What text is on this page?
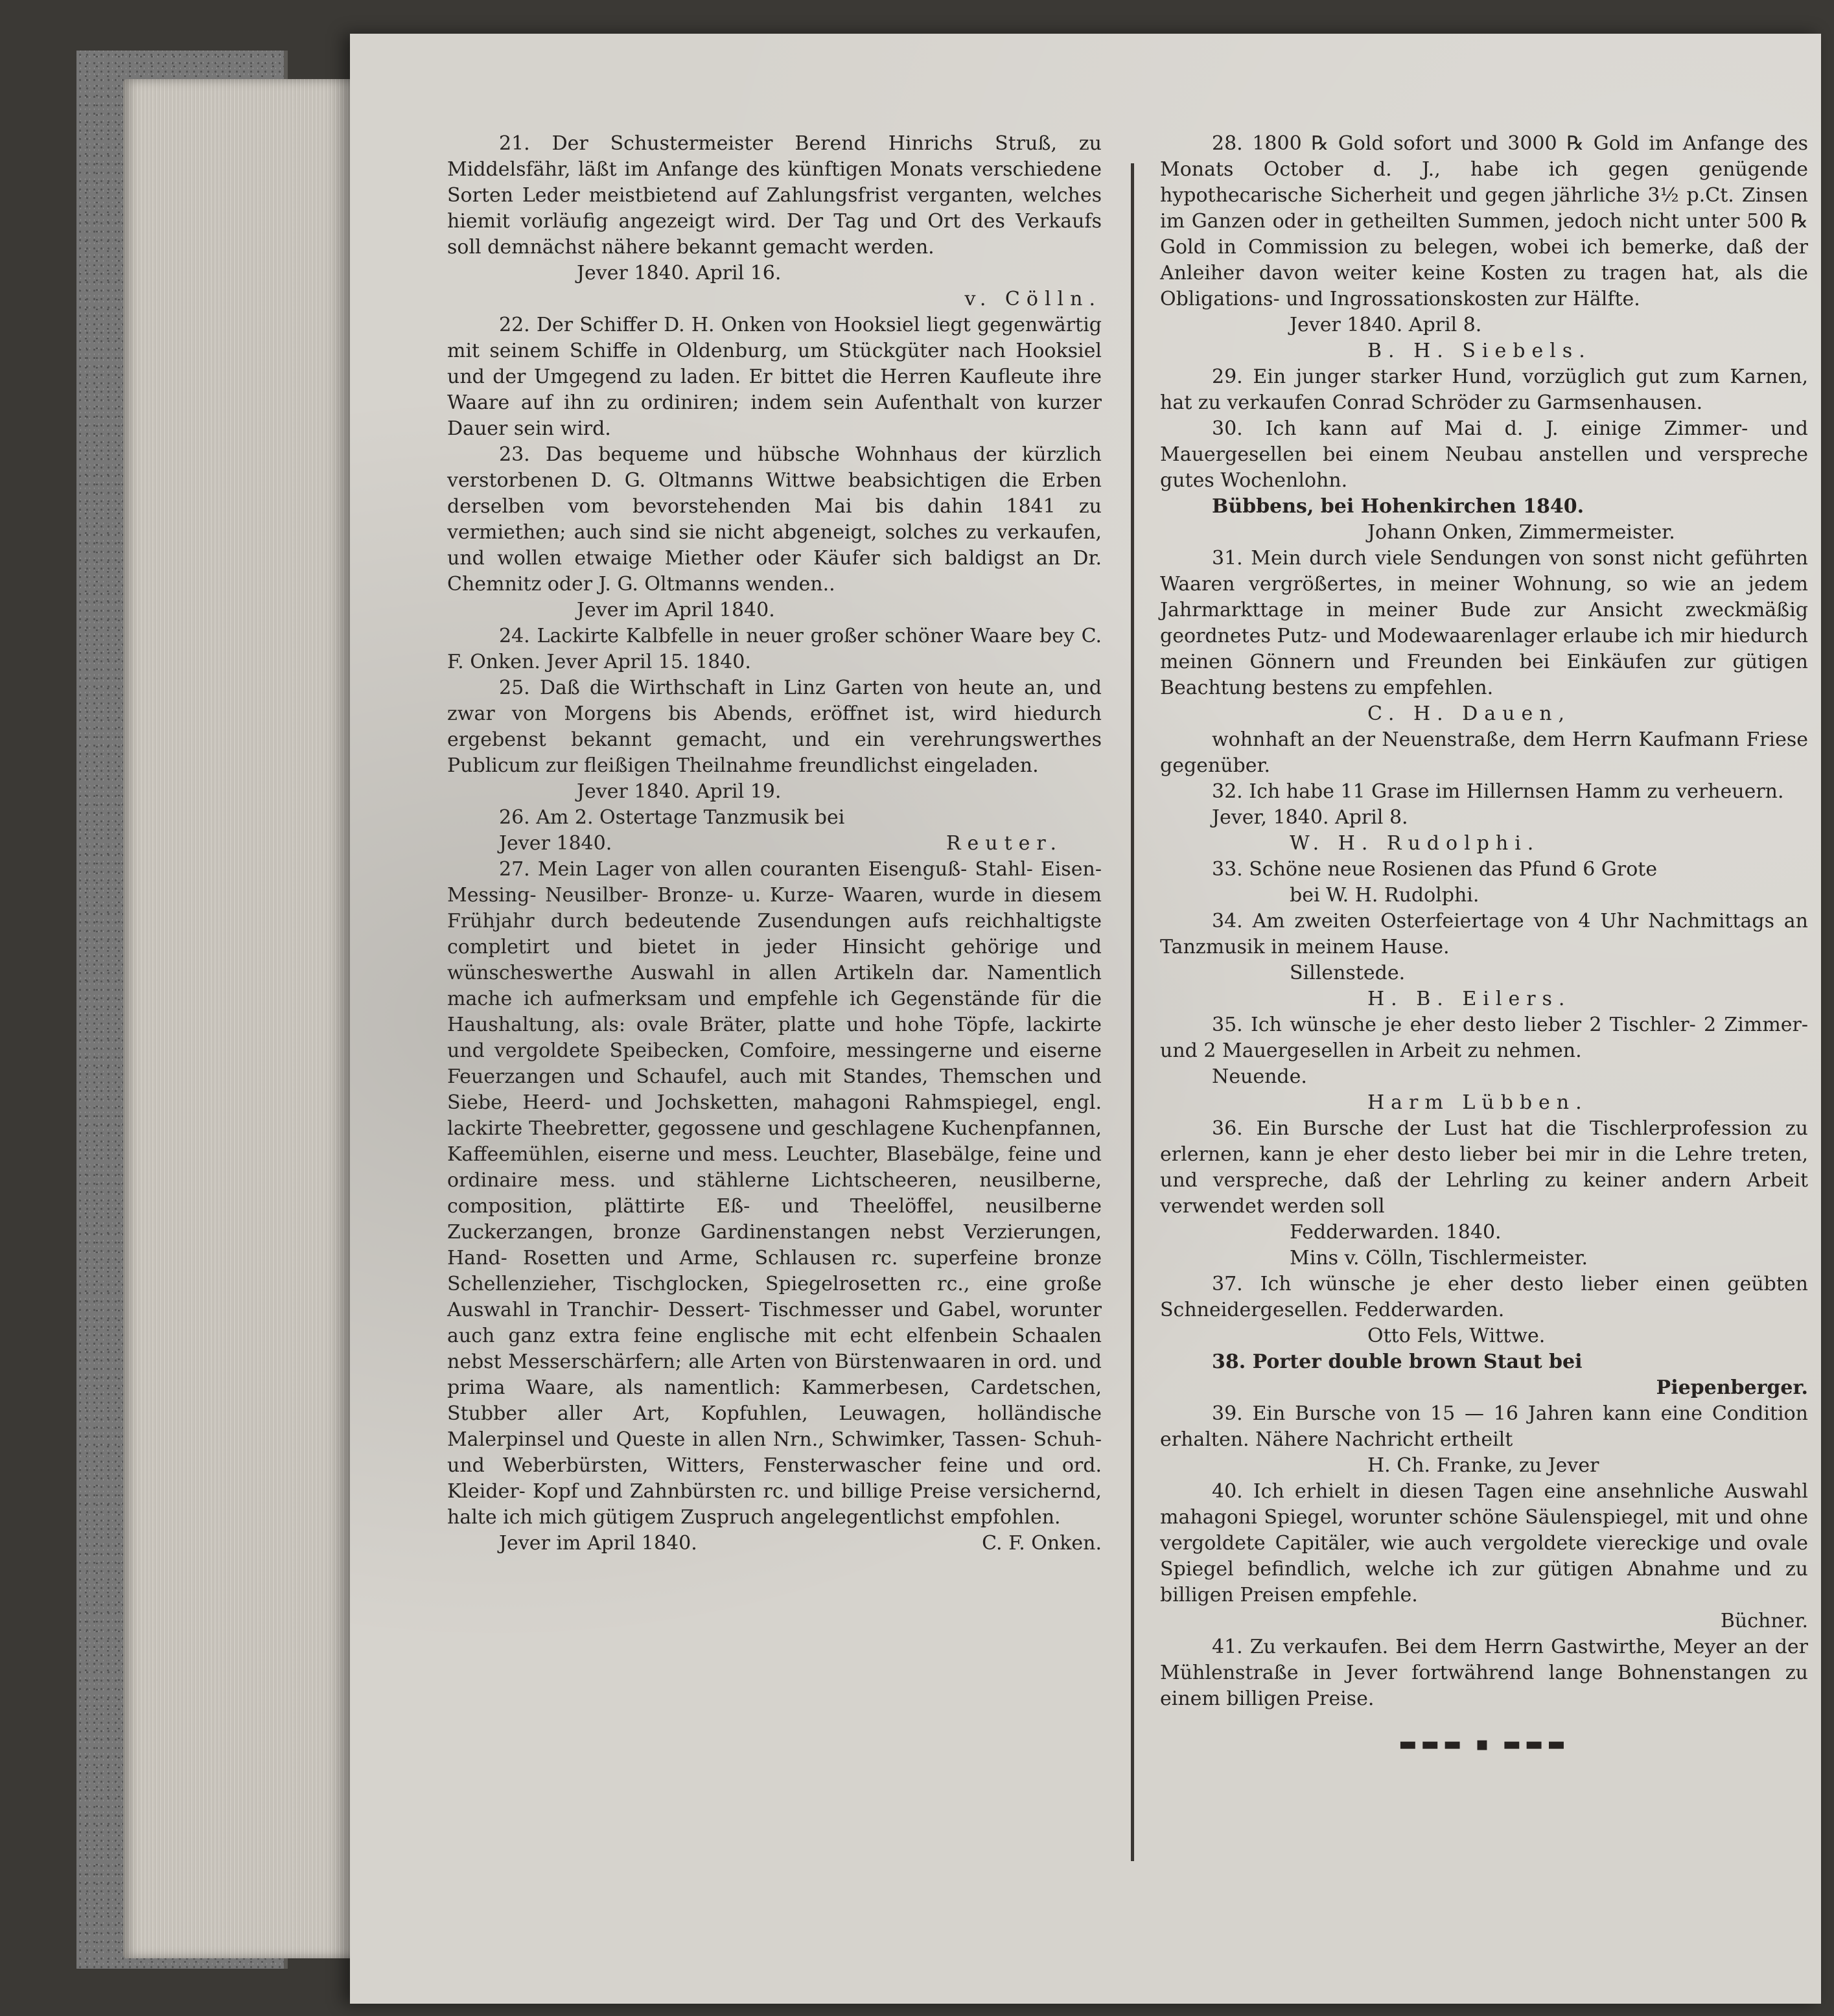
21. Der Schustermeister Berend Hinrichs Struß, zu Middelsfähr, läßt im Anfange des künftigen Monats verschiedene Sorten Leder meistbietend auf Zahlungsfrist verganten, welches hiemit vorläufig angezeigt wird. Der Tag und Ort des Verkaufs soll demnächst nähere bekannt gemacht werden.

Jever 1840. April 16.

v. Cölln.

22. Der Schiffer D. H. Onken von Hooksiel liegt gegenwärtig mit seinem Schiffe in Oldenburg, um Stückgüter nach Hooksiel und der Umgegend zu laden. Er bittet die Herren Kaufleute ihre Waare auf ihn zu ordiniren; indem sein Aufenthalt von kurzer Dauer sein wird.

23. Das bequeme und hübsche Wohnhaus der kürzlich verstorbenen D. G. Oltmanns Wittwe beabsichtigen die Erben derselben vom bevorstehenden Mai bis dahin 1841 zu vermiethen; auch sind sie nicht abgeneigt, solches zu verkaufen, und wollen etwaige Miether oder Käufer sich baldigst an Dr. Chemnitz oder J. G. Oltmanns wenden..

Jever im April 1840.

24. Lackirte Kalbfelle in neuer großer schöner Waare bey C. F. Onken. Jever April 15. 1840.

25. Daß die Wirthschaft in Linz Garten von heute an, und zwar von Morgens bis Abends, eröffnet ist, wird hiedurch ergebenst bekannt gemacht, und ein verehrungswerthes Publicum zur fleißigen Theilnahme freundlichst eingeladen.

Jever 1840. April 19.

26. Am 2. Ostertage Tanzmusik bei

Jever 1840.	Reuter.

27. Mein Lager von allen couranten Eisenguß- Stahl- Eisen- Messing- Neusilber- Bronze- u. Kurze- Waaren, wurde in diesem Frühjahr durch bedeutende Zusendungen aufs reichhaltigste completirt und bietet in jeder Hinsicht gehörige und wünscheswerthe Auswahl in allen Artikeln dar. Namentlich mache ich aufmerksam und empfehle ich Gegenstände für die Haushaltung, als: ovale Bräter, platte und hohe Töpfe, lackirte und vergoldete Speibecken, Comfoire, messingerne und eiserne Feuerzangen und Schaufel, auch mit Standes, Themschen und Siebe, Heerd- und Jochsketten, mahagoni Rahmspiegel, engl. lackirte Theebretter, gegossene und geschlagene Kuchenpfannen, Kaffeemühlen, eiserne und mess. Leuchter, Blasebälge, feine und ordinaire mess. und stählerne Lichtscheeren, neusilberne, composition, plättirte Eß- und Theelöffel, neusilberne Zuckerzangen, bronze Gardinenstangen nebst Verzierungen, Hand- Rosetten und Arme, Schlausen rc. superfeine bronze Schellenzieher, Tischglocken, Spiegelrosetten rc., eine große Auswahl in Tranchir- Dessert- Tischmesser und Gabel, worunter auch ganz extra feine englische mit echt elfenbein Schaalen nebst Messerschärfern; alle Arten von Bürstenwaaren in ord. und prima Waare, als namentlich: Kammerbesen, Cardetschen, Stubber aller Art, Kopfuhlen, Leuwagen, holländische Malerpinsel und Queste in allen Nrn., Schwimker, Tassen- Schuh- und Weberbürsten, Witters, Fensterwascher feine und ord. Kleider- Kopf und Zahnbürsten rc. und billige Preise versichernd, halte ich mich gütigem Zuspruch angelegentlichst empfohlen.

Jever im April 1840.	C. F. Onken.

28. 1800 ℞ Gold sofort und 3000 ℞ Gold im Anfange des Monats October d. J., habe ich gegen genügende hypothecarische Sicherheit und gegen jährliche 3½ p.Ct. Zinsen im Ganzen oder in getheilten Summen, jedoch nicht unter 500 ℞ Gold in Commission zu belegen, wobei ich bemerke, daß der Anleiher davon weiter keine Kosten zu tragen hat, als die Obligations- und Ingrossationskosten zur Hälfte.

Jever 1840. April 8.

B. H. Siebels.

29. Ein junger starker Hund, vorzüglich gut zum Karnen, hat zu verkaufen Conrad Schröder zu Garmsenhausen.

30. Ich kann auf Mai d. J. einige Zimmer- und Mauergesellen bei einem Neubau anstellen und verspreche gutes Wochenlohn.

Bübbens, bei Hohenkirchen 1840.

Johann Onken, Zimmermeister.

31. Mein durch viele Sendungen von sonst nicht geführten Waaren vergrößertes, in meiner Wohnung, so wie an jedem Jahrmarkttage in meiner Bude zur Ansicht zweckmäßig geordnetes Putz- und Modewaarenlager erlaube ich mir hiedurch meinen Gönnern und Freunden bei Einkäufen zur gütigen Beachtung bestens zu empfehlen.

C. H. Dauen,

wohnhaft an der Neuenstraße, dem Herrn Kaufmann Friese gegenüber.

32. Ich habe 11 Grase im Hillernsen Hamm zu verheuern.

Jever, 1840. April 8.

W. H. Rudolphi.

33. Schöne neue Rosienen das Pfund 6 Grote

bei W. H. Rudolphi.

34. Am zweiten Osterfeiertage von 4 Uhr Nachmittags an Tanzmusik in meinem Hause.

Sillenstede.

H. B. Eilers.

35. Ich wünsche je eher desto lieber 2 Tischler- 2 Zimmer- und 2 Mauergesellen in Arbeit zu nehmen.

Neuende.

Harm Lübben.

36. Ein Bursche der Lust hat die Tischlerprofession zu erlernen, kann je eher desto lieber bei mir in die Lehre treten, und verspreche, daß der Lehrling zu keiner andern Arbeit verwendet werden soll

Fedderwarden. 1840.

Mins v. Cölln, Tischlermeister.

37. Ich wünsche je eher desto lieber einen geübten Schneidergesellen. Fedderwarden.

Otto Fels, Wittwe.

38. Porter double brown Staut bei

Piepenberger.

39. Ein Bursche von 15 — 16 Jahren kann eine Condition erhalten. Nähere Nachricht ertheilt

H. Ch. Franke, zu Jever

40. Ich erhielt in diesen Tagen eine ansehnliche Auswahl mahagoni Spiegel, worunter schöne Säulenspiegel, mit und ohne vergoldete Capitäler, wie auch vergoldete viereckige und ovale Spiegel befindlich, welche ich zur gütigen Abnahme und zu billigen Preisen empfehle.

Büchner.

41. Zu verkaufen. Bei dem Herrn Gastwirthe, Meyer an der Mühlenstraße in Jever fortwährend lange Bohnenstangen zu einem billigen Preise.

▬▬▬ ▪ ▬▬▬
